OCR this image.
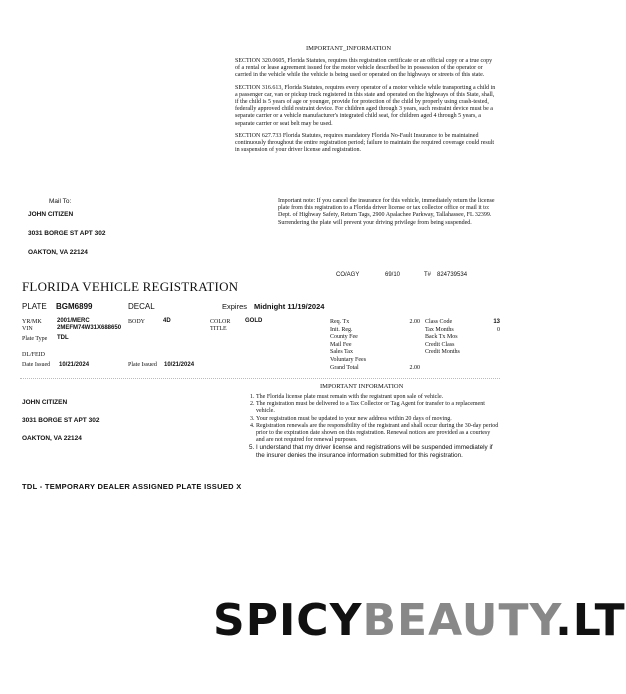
IMPORTANT_INFORMATION

SECTION 320.0605, Florida Statutes, requires this registration certificate or an official copy or a true copy of a rental or lease agreement issued for the motor vehicle described be in possession of the operator or carried in the vehicle while the vehicle is being used or operated on the highways or streets of this state.

SECTION 316.613, Florida Statutes, requires every operator of a motor vehicle while transporting a child in a passenger car, van or pickup truck registered in this state and operated on the highways of this State, shall, if the child is 5 years of age or younger, provide for protection of the child by properly using crash-tested, federally approved child restraint device. For children aged through 3 years, such restraint device must be a separate carrier or a vehicle manufacturer's integrated child seat, for children aged 4 through 5 years, a separate carrier or seat belt may be used.

SECTION 627.733 Florida Statutes, requires mandatory Florida No-Fault Insurance to be maintained continuously throughout the entire registration period; failure to maintain the required coverage could result in suspension of your driver license and registration.

Mail To:
JOHN CITIZEN
3031 BORGE ST APT 302
OAKTON, VA 22124
Important note: If you cancel the insurance for this vehicle, immediately return the license plate from this registration to a Florida driver license or tax collector office or mail it to: Dept. of Highway Safety, Return Tags, 2900 Apalachee Parkway, Tallahassee, FL 32399. Surrendering the plate will prevent your driving privilege from being suspended.
CO/AGY	69/10	T# 824739534
FLORIDA VEHICLE REGISTRATION
PLATE BGM6899	DECAL	Expires Midnight 11/19/2024
YR/MK	2001/MERC	BODY	4D	COLOR GOLD
VIN	2MEFM74W31X688650	TITLE
Plate Type TDL
DL/FEID
Date Issued 10/21/2024	Plate Issued 10/21/2024
Req. Tx	2.00
Init. Reg.
County Fee
Mail Fee
Sales Tax
Voluntary Fees
Grand Total	2.00
Class Code	13
Tax Months	0
Back Tx Mos
Credit Class
Credit Months
IMPORTANT INFORMATION
1. The Florida license plate must remain with the registrant upon sale of vehicle.
2. The registration must be delivered to a Tax Collector or Tag Agent for transfer to a replacement vehicle.
3. Your registration must be updated to your new address within 20 days of moving.
4. Registration renewals are the responsibility of the registrant and shall occur during the 30-day period prior to the expiration date shown on this registration. Renewal notices are provided as a courtesy and are not required for renewal purposes.
5. I understand that my driver license and registrations will be suspended immediately if the insurer denies the insurance information submitted for this registration.
JOHN CITIZEN
3031 BORGE ST APT 302
OAKTON, VA 22124
TDL - TEMPORARY DEALER ASSIGNED PLATE ISSUED X
SPICYBEAUTY.LT
